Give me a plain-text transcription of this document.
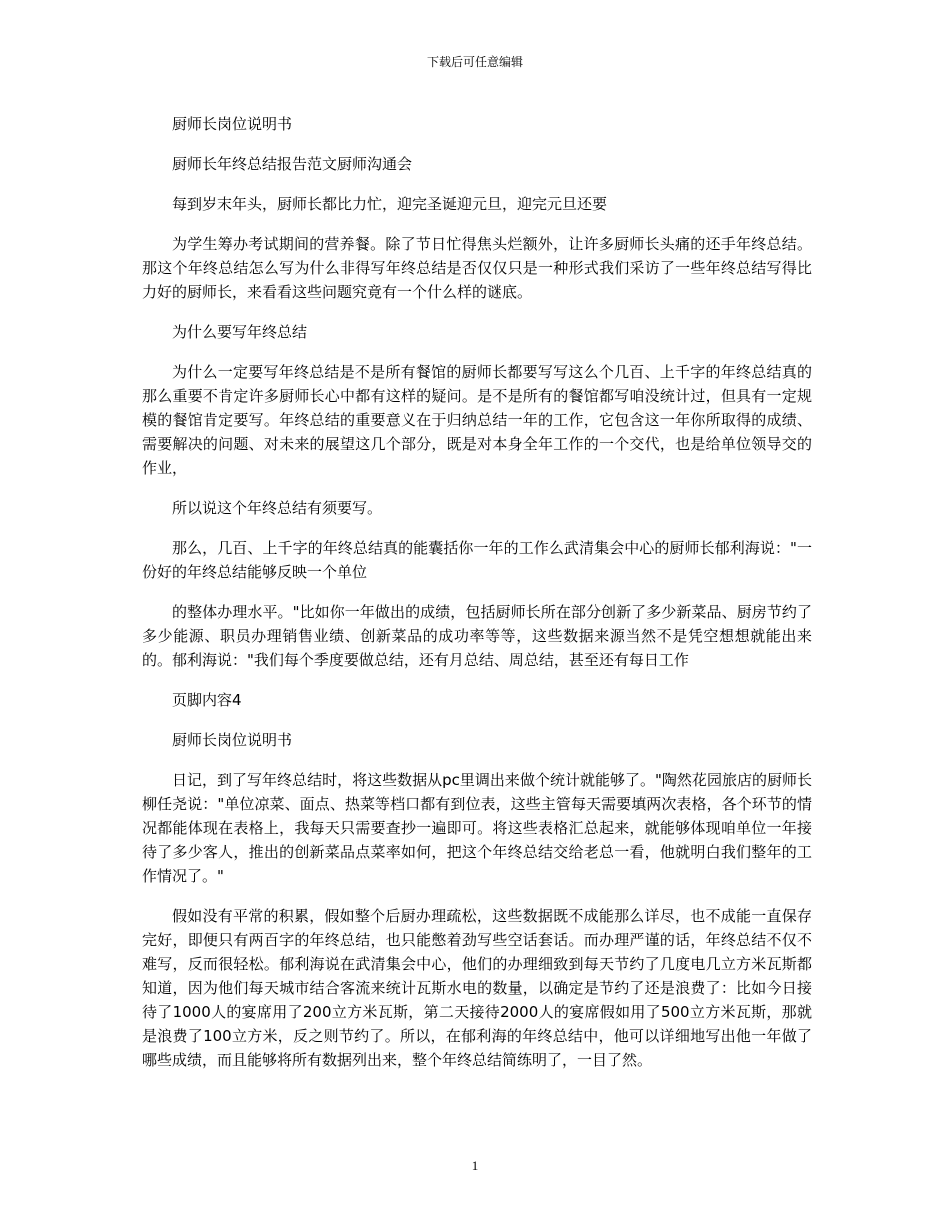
下载后可任意编辑

厨师长岗位说明书

厨师长年终总结报告范文厨师沟通会

每到岁末年头，厨师长都比力忙，迎完圣诞迎元旦，迎完元旦还要

为学生筹办考试期间的营养餐。除了节日忙得焦头烂额外，让许多厨师长头痛的还手年终总结。那这个年终总结怎么写为什么非得写年终总结是否仅仅只是一种形式我们采访了一些年终总结写得比力好的厨师长，来看看这些问题究竟有一个什么样的谜底。

为什么要写年终总结

为什么一定要写年终总结是不是所有餐馆的厨师长都要写写这么个几百、上千字的年终总结真的那么重要不肯定许多厨师长心中都有这样的疑问。是不是所有的餐馆都写咱没统计过，但具有一定规模的餐馆肯定要写。年终总结的重要意义在于归纳总结一年的工作，它包含这一年你所取得的成绩、需要解决的问题、对未来的展望这几个部分，既是对本身全年工作的一个交代，也是给单位领导交的作业，

所以说这个年终总结有须要写。

那么，几百、上千字的年终总结真的能囊括你一年的工作么武清集会中心的厨师长郁利海说："一份好的年终总结能够反映一个单位

的整体办理水平。"比如你一年做出的成绩，包括厨师长所在部分创新了多少新菜品、厨房节约了多少能源、职员办理销售业绩、创新菜品的成功率等等，这些数据来源当然不是凭空想想就能出来的。郁利海说："我们每个季度要做总结，还有月总结、周总结，甚至还有每日工作

页脚内容4

厨师长岗位说明书

日记，到了写年终总结时，将这些数据从pc里调出来做个统计就能够了。"陶然花园旅店的厨师长柳任尧说："单位凉菜、面点、热菜等档口都有到位表，这些主管每天需要填两次表格，各个环节的情况都能体现在表格上，我每天只需要查抄一遍即可。将这些表格汇总起来，就能够体现咱单位一年接待了多少客人，推出的创新菜品点菜率如何，把这个年终总结交给老总一看，他就明白我们整年的工作情况了。"

假如没有平常的积累，假如整个后厨办理疏松，这些数据既不成能那么详尽，也不成能一直保存完好，即便只有两百字的年终总结，也只能憋着劲写些空话套话。而办理严谨的话，年终总结不仅不难写，反而很轻松。郁利海说在武清集会中心，他们的办理细致到每天节约了几度电几立方米瓦斯都知道，因为他们每天城市结合客流来统计瓦斯水电的数量，以确定是节约了还是浪费了：比如今日接待了1000人的宴席用了200立方米瓦斯，第二天接待2000人的宴席假如用了500立方米瓦斯，那就是浪费了100立方米，反之则节约了。所以，在郁利海的年终总结中，他可以详细地写出他一年做了哪些成绩，而且能够将所有数据列出来，整个年终总结简练明了，一目了然。

1
